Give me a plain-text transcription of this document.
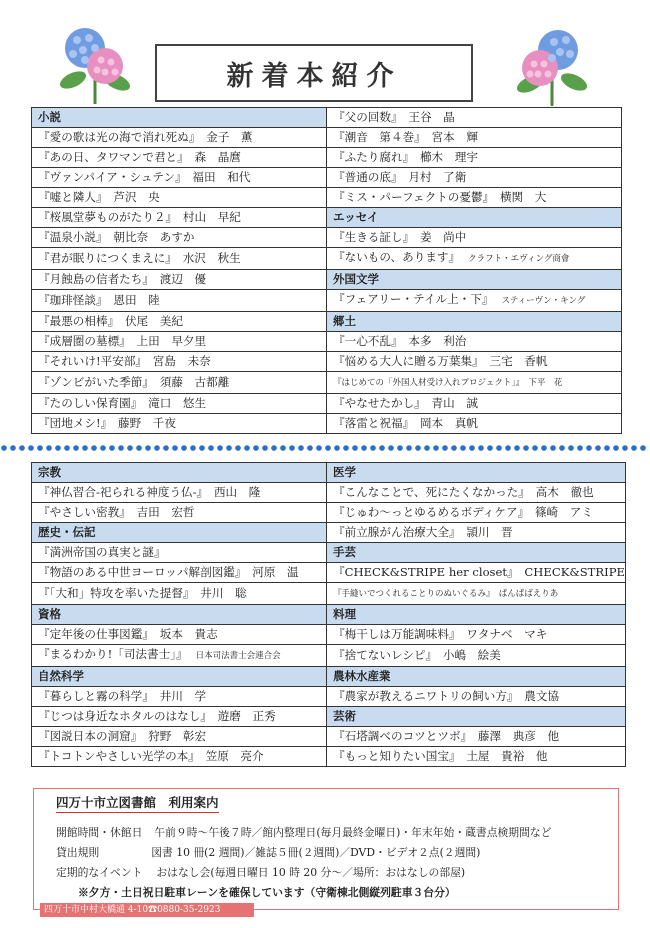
新着本紹介
小説	『父の回数』　王谷　晶
『愛の歌は光の海で消れ死ぬ』　金子　薫	『潮音　第４巻』　宮本　輝
『あの日、タワマンで君と』　森　晶麿	『ふたり腐れ』　櫛木　理宇
『ヴァンパイア・シュテン』　福田　和代	『普通の底』　月村　了衛
『嘘と隣人』　芦沢　央	『ミス・パーフェクトの憂鬱』　横関　大
『桜風堂夢ものがたり２』　村山　早紀	エッセイ
『温泉小説』　朝比奈　あすか	『生きる証し』　姜　尚中
『君が眠りにつくまえに』　水沢　秋生	『ないもの、あります』 クラフト・エヴィング商會
『月蝕島の信者たち』　渡辺　優	外国文学
『珈琲怪談』　恩田　陸	『フェアリー・テイル上・下』 スティーヴン・キング
『最悪の相棒』　伏尾　美紀	郷土
『成層圏の墓標』　上田　早夕里	『一心不乱』　本多　利治
『それいけ!平安部』　宮島　未奈	『悩める大人に贈る万葉集』　三宅　香帆
『ゾンビがいた季節』　須藤　古都離	『はじめての「外国人材受け入れプロジェクト」』　下平　花
『たのしい保育園』　滝口　悠生	『やなせたかし』　青山　誠
『団地メシ!』　藤野　千夜	『落雷と祝福』　岡本　真帆
宗教	医学
『神仏習合‐祀られる神度う仏‐』　西山　隆	『こんなことで、死にたくなかった』　高木　徹也
『やさしい密教』　吉田　宏哲	『じゅわ～っとゆるめるボディケア』　篠崎　アミ
歴史・伝記	『前立腺がん治療大全』　頴川　晋
『満洲帝国の真実と謎』	手芸
『物語のある中世ヨーロッパ解剖図鑑』　河原　温	『CHECK&STRIPE her closet』　CHECK&STRIPE
『「大和」特攻を率いた提督』　井川　聡	『手縫いでつくれることりのぬいぐるみ』　ぱんぱばえりあ
資格	料理
『定年後の仕事図鑑』　坂本　貴志	『梅干しは万能調味料』　ワタナベ　マキ
『まるわかり!「司法書士」』 日本司法書士会連合会	『捨てないレシピ』　小嶋　絵美
自然科学	農林水産業
『暮らしと霧の科学』　井川　学	『農家が教えるニワトリの飼い方』　農文協
『じつは身近なホタルのはなし』　遊磨　正秀	芸術
『図説日本の洞窟』　狩野　彰宏	『石塔調べのコツとツボ』　藤澤　典彦　他
『トコトンやさしい光学の本』　笠原　亮介	『もっと知りたい国宝』　土屋　貴裕　他
四万十市立図書館　利用案内
開館時間・休館日 午前９時～午後７時／館内整理日(毎月最終金曜日)・年末年始・蔵書点検期間など
貸出規則	図書 10 冊(2 週間)／雑誌５冊(２週間)／DVD・ビデオ２点(２週間)
定期的なイベント おはなし会(毎週日曜日 10 時 20 分～／場所：おはなしの部屋)
※夕方・土日祝日駐車レーンを確保しています（守衛棟北側縦列駐車３台分）
四万十市中村大橋通 4-10☎0880-35-2923
